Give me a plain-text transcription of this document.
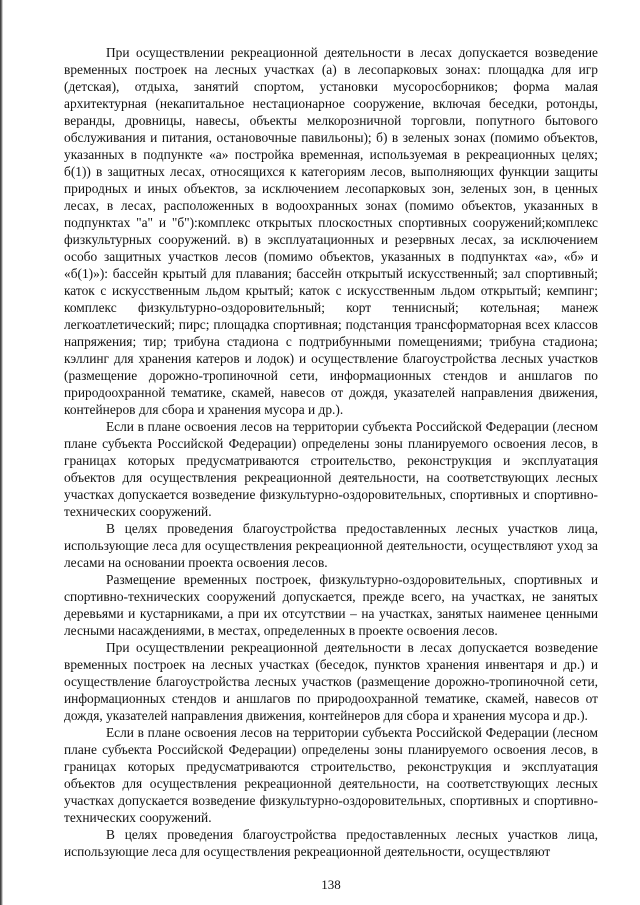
При осуществлении рекреационной деятельности в лесах допускается возведение временных построек на лесных участках (а) в лесопарковых зонах: площадка для игр (детская), отдыха, занятий спортом, установки мусоросборников; форма малая архитектурная (некапитальное нестационарное сооружение, включая беседки, ротонды, веранды, дровницы, навесы, объекты мелкорозничной торговли, попутного бытового обслуживания и питания, остановочные павильоны); б) в зеленых зонах (помимо объектов, указанных в подпункте «а» постройка временная, используемая в рекреационных целях; б(1)) в защитных лесах, относящихся к категориям лесов, выполняющих функции защиты природных и иных объектов, за исключением лесопарковых зон, зеленых зон, в ценных лесах, в лесах, расположенных в водоохранных зонах (помимо объектов, указанных в подпунктах "а" и "б"):комплекс открытых плоскостных спортивных сооружений;комплекс физкультурных сооружений. в) в эксплуатационных и резервных лесах, за исключением особо защитных участков лесов (помимо объектов, указанных в подпунктах «а», «б» и «б(1)»): бассейн крытый для плавания; бассейн открытый искусственный; зал спортивный; каток с искусственным льдом крытый; каток с искусственным льдом открытый; кемпинг; комплекс физкультурно-оздоровительный; корт теннисный; котельная; манеж легкоатлетический; пирс; площадка спортивная; подстанция трансформаторная всех классов напряжения; тир; трибуна стадиона с подтрибунными помещениями; трибуна стадиона; кэллинг для хранения катеров и лодок) и осуществление благоустройства лесных участков (размещение дорожно-тропиночной сети, информационных стендов и аншлагов по природоохранной тематике, скамей, навесов от дождя, указателей направления движения, контейнеров для сбора и хранения мусора и др.).

Если в плане освоения лесов на территории субъекта Российской Федерации (лесном плане субъекта Российской Федерации) определены зоны планируемого освоения лесов, в границах которых предусматриваются строительство, реконструкция и эксплуатация объектов для осуществления рекреационной деятельности, на соответствующих лесных участках допускается возведение физкультурно-оздоровительных, спортивных и спортивно-технических сооружений.

В целях проведения благоустройства предоставленных лесных участков лица, использующие леса для осуществления рекреационной деятельности, осуществляют уход за лесами на основании проекта освоения лесов.

Размещение временных построек, физкультурно-оздоровительных, спортивных и спортивно-технических сооружений допускается, прежде всего, на участках, не занятых деревьями и кустарниками, а при их отсутствии – на участках, занятых наименее ценными лесными насаждениями, в местах, определенных в проекте освоения лесов.

При осуществлении рекреационной деятельности в лесах допускается возведение временных построек на лесных участках (беседок, пунктов хранения инвентаря и др.) и осуществление благоустройства лесных участков (размещение дорожно-тропиночной сети, информационных стендов и аншлагов по природоохранной тематике, скамей, навесов от дождя, указателей направления движения, контейнеров для сбора и хранения мусора и др.).

Если в плане освоения лесов на территории субъекта Российской Федерации (лесном плане субъекта Российской Федерации) определены зоны планируемого освоения лесов, в границах которых предусматриваются строительство, реконструкция и эксплуатация объектов для осуществления рекреационной деятельности, на соответствующих лесных участках допускается возведение физкультурно-оздоровительных, спортивных и спортивно-технических сооружений.

В целях проведения благоустройства предоставленных лесных участков лица, использующие леса для осуществления рекреационной деятельности, осуществляют

138
